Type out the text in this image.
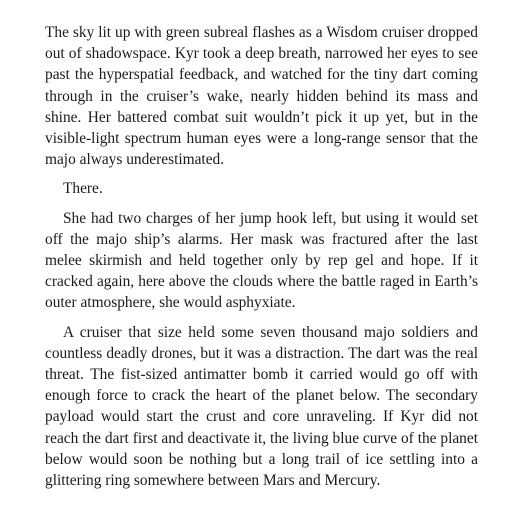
The sky lit up with green subreal flashes as a Wisdom cruiser dropped out of shadowspace. Kyr took a deep breath, narrowed her eyes to see past the hyperspatial feedback, and watched for the tiny dart coming through in the cruiser’s wake, nearly hidden behind its mass and shine. Her battered combat suit wouldn’t pick it up yet, but in the visible-light spectrum human eyes were a long-range sensor that the majo always underestimated.

There.

She had two charges of her jump hook left, but using it would set off the majo ship’s alarms. Her mask was fractured after the last melee skirmish and held together only by rep gel and hope. If it cracked again, here above the clouds where the battle raged in Earth’s outer atmosphere, she would asphyxiate.

A cruiser that size held some seven thousand majo soldiers and countless deadly drones, but it was a distraction. The dart was the real threat. The fist-sized antimatter bomb it carried would go off with enough force to crack the heart of the planet below. The secondary payload would start the crust and core unraveling. If Kyr did not reach the dart first and deactivate it, the living blue curve of the planet below would soon be nothing but a long trail of ice settling into a glittering ring somewhere between Mars and Mercury.
